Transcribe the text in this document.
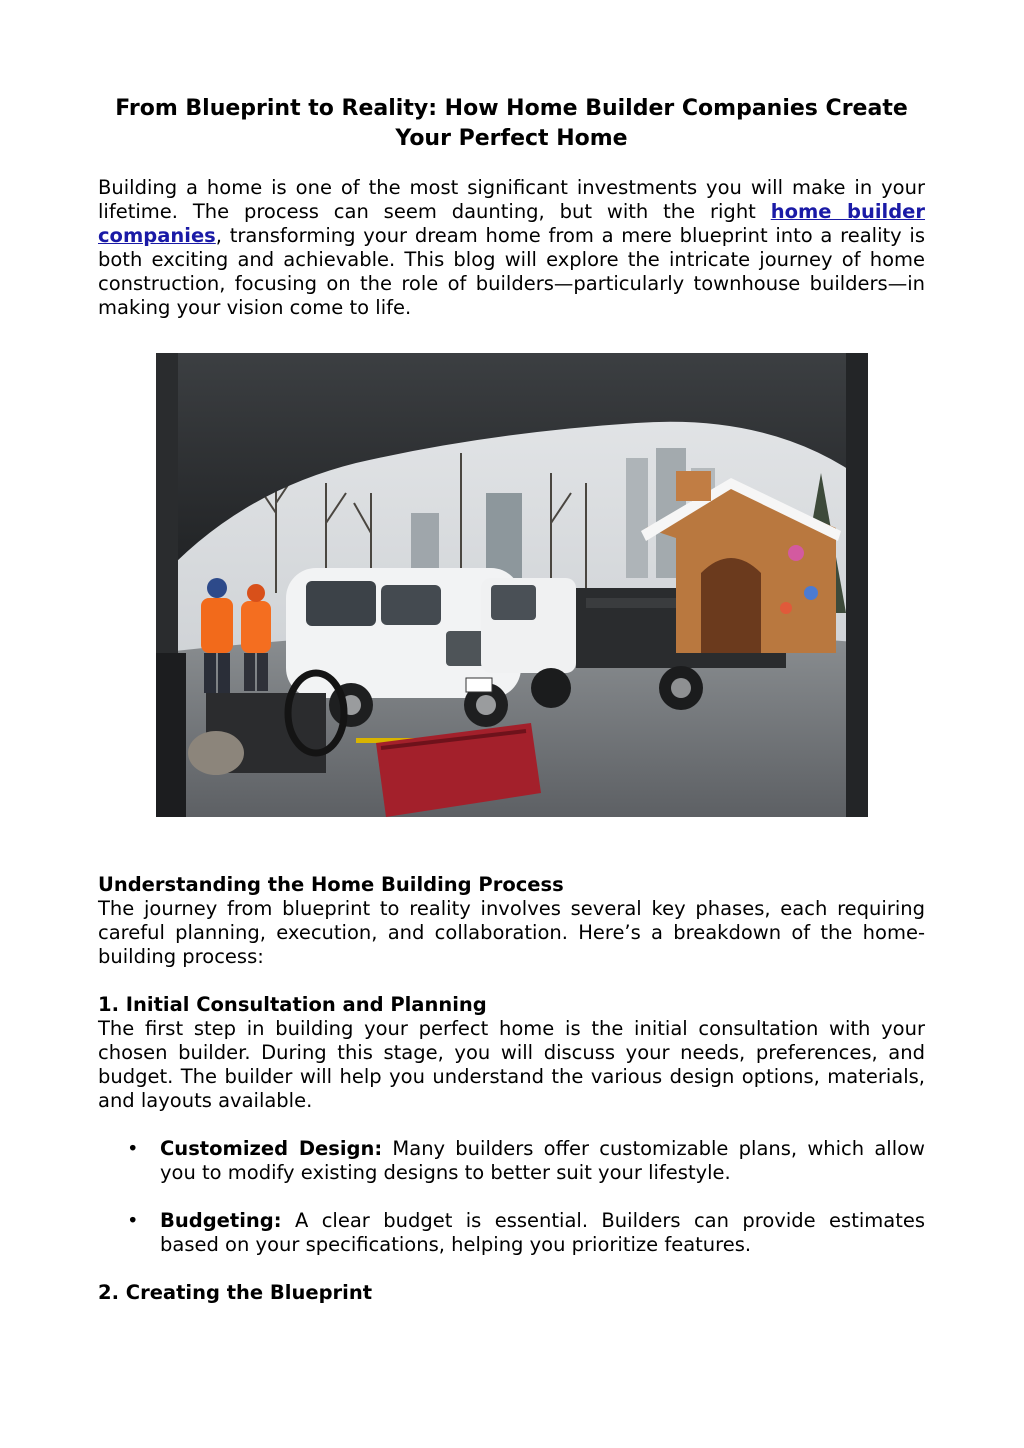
From Blueprint to Reality: How Home Builder Companies Create Your Perfect Home

Building a home is one of the most significant investments you will make in your lifetime. The process can seem daunting, but with the right home builder companies, transforming your dream home from a mere blueprint into a reality is both exciting and achievable. This blog will explore the intricate journey of home construction, focusing on the role of builders—particularly townhouse builders—in making your vision come to life.

Understanding the Home Building Process

The journey from blueprint to reality involves several key phases, each requiring careful planning, execution, and collaboration. Here’s a breakdown of the home-building process:

1. Initial Consultation and Planning

The first step in building your perfect home is the initial consultation with your chosen builder. During this stage, you will discuss your needs, preferences, and budget. The builder will help you understand the various design options, materials, and layouts available.

• Customized Design: Many builders offer customizable plans, which allow you to modify existing designs to better suit your lifestyle.
• Budgeting: A clear budget is essential. Builders can provide estimates based on your specifications, helping you prioritize features.

2. Creating the Blueprint
